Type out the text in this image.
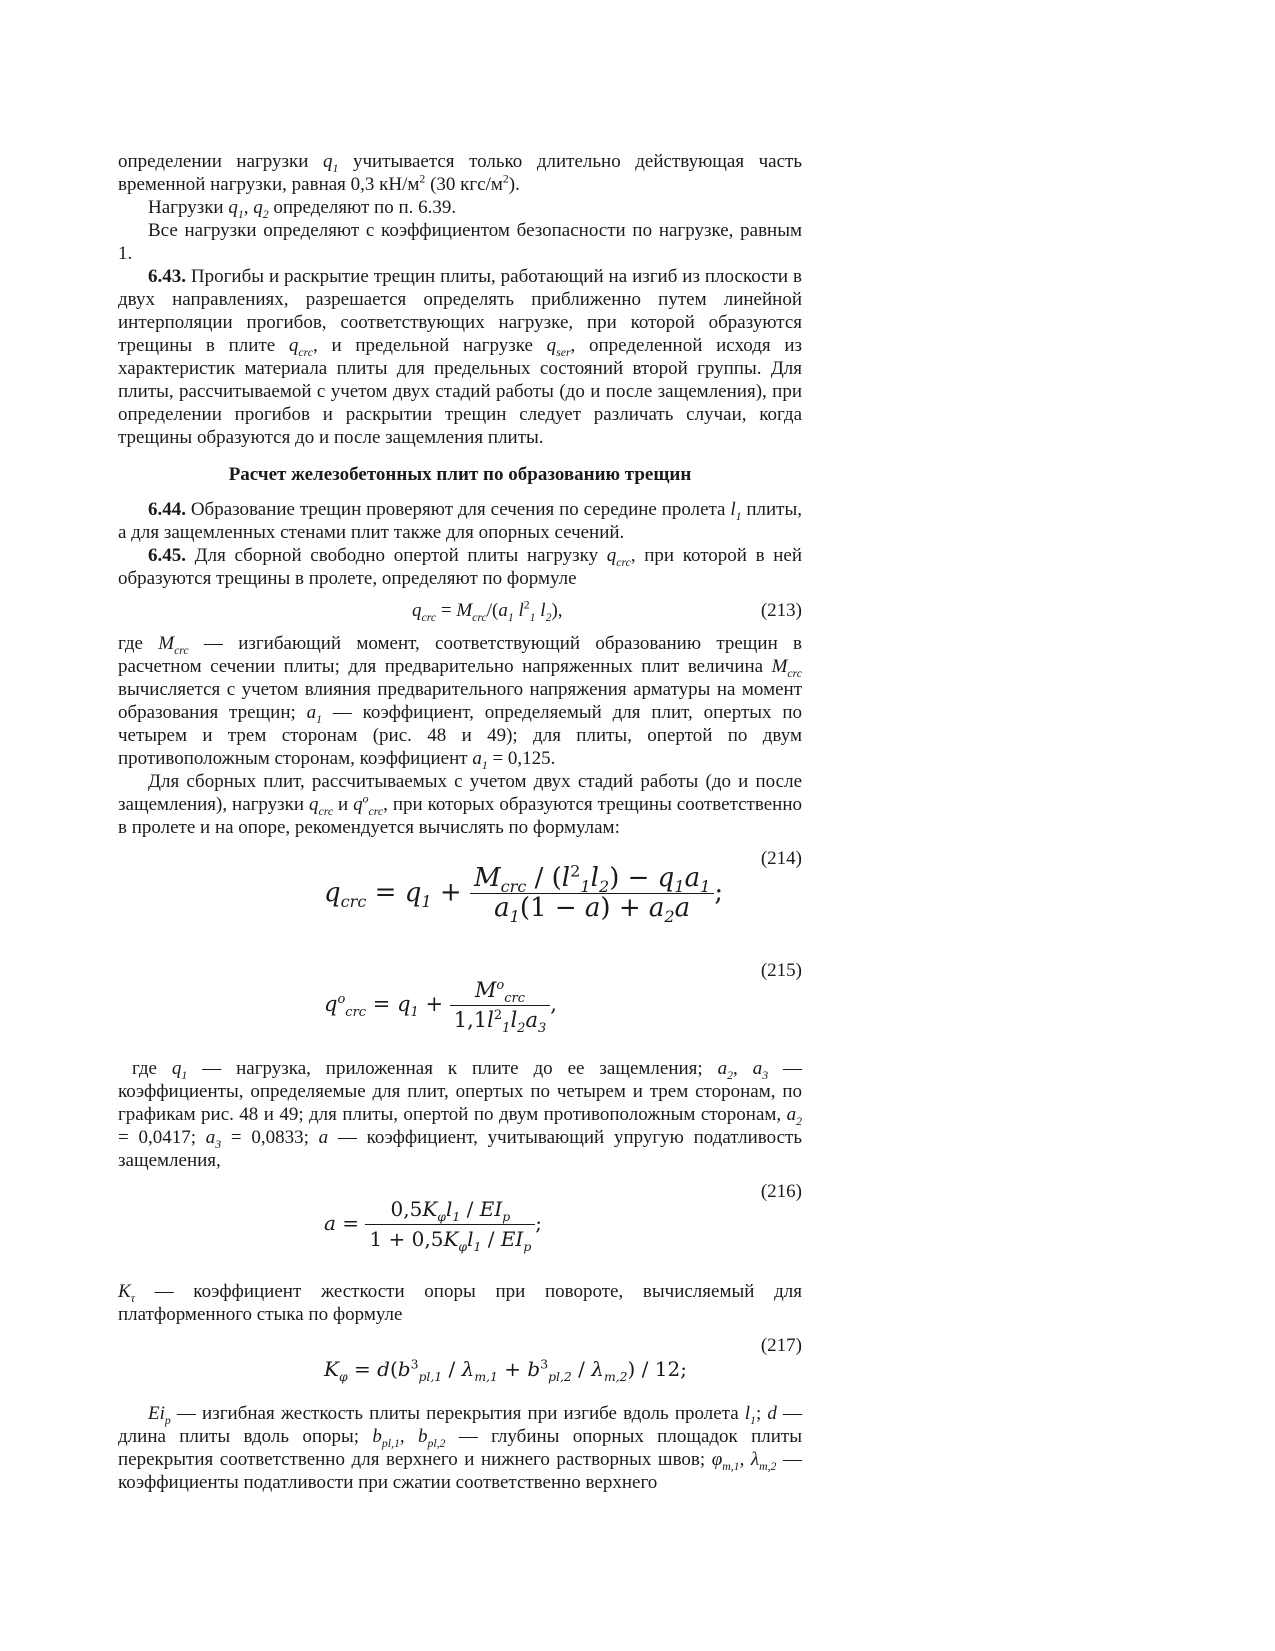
определении нагрузки $q_1$ учитывается только длительно действующая часть временной нагрузки, равная 0,3 $кН/м^2$ (30 кгс/$м^2$).

Нагрузки $q_1$, $q_2$ определяют по п. 6.39.

Все нагрузки определяют с коэффициентом безопасности по нагрузке, равным 1.

6.43. Прогибы и раскрытие трещин плиты, работающий на изгиб из плоскости в двух направлениях, разрешается определять приближенно путем линейной интерполяции прогибов, соответствующих нагрузке, при которой образуются трещины в плите $q_{crc}$, и предельной нагрузке $q_{ser}$, определенной исходя из характеристик материала плиты для предельных состояний второй группы. Для плиты, рассчитываемой с учетом двух стадий работы (до и после защемления), при определении прогибов и раскрытии трещин следует различать случаи, когда трещины образуются до и после защемления плиты.

Расчет железобетонных плит по образованию трещин

6.44. Образование трещин проверяют для сечения по середине пролета $l_1$ плиты, а для защемленных стенами плит также для опорных сечений.

6.45. Для сборной свободно опертой плиты нагрузку $q_{crc}$, при которой в ней образуются трещины в пролете, определяют по формуле

$q_{crc} = M_{crc}/(a_1$ $l^2_1$ $l_2$),	(213)

где $M_{crc}$ — изгибающий момент, соответствующий образованию трещин в расчетном сечении плиты; для предварительно напряженных плит величина $M_{crc}$ вычисляется с учетом влияния предварительного напряжения арматуры на момент образования трещин; $a_1$ — коэффициент, определяемый для плит, опертых по четырем и трем сторонам (рис. 48 и 49); для плиты, опертой по двум противоположным сторонам, коэффициент $a_1 = 0,125$.

Для сборных плит, рассчитываемых с учетом двух стадий работы (до и после защемления), нагрузки $q_{crc}$ и $q^o_{crc}$, при которых образуются трещины соответственно в пролете и на опоре, рекомендуется вычислять по формулам:

(214)
$q_{crc} = q_1 + \frac{M_{crc} / (l^2_1l_2) - q_1a_1}{a_1(1 - a) + a_2a}$ ;
(215)
$q^o_{crc} = q_1 + \frac{M^o_{crc}}{1,1l^2_1l_2a_3}$ ,

где $q_1$ — нагрузка, приложенная к плите до ее защемления; $a_2$, $a_3$ — коэффициенты, определяемые для плит, опертых по четырем и трем сторонам, по графикам рис. 48 и 49; для плиты, опертой по двум противоположным сторонам, $a_2 = 0,0417$; $a_3 = 0,0833$; a — коэффициент, учитывающий упругую податливость защемления,

(216)
$a = \frac{0,5K_\varphi l_1 / EI_p}{1 + 0,5K_\varphi l_1 / EI_p}$ ;

$K_\tau$ — коэффициент жесткости опоры при повороте, вычисляемый для платформенного стыка по формуле

(217)
$K_\varphi = d(b^3_{pl,1} / \lambda_{m,1} + b^3_{pl,2} / \lambda_{m,2}) / 12$;

$Ei_p$ — изгибная жесткость плиты перекрытия при изгибе вдоль пролета $l_1$; d — длина плиты вдоль опоры; $b_{pl,1}$, $b_{pl,2}$ — глубины опорных площадок плиты перекрытия соответственно для верхнего и нижнего растворных швов; $\varphi_{m,1}$, $\lambda_{m,2}$ — коэффициенты податливости при сжатии соответственно верхнего
